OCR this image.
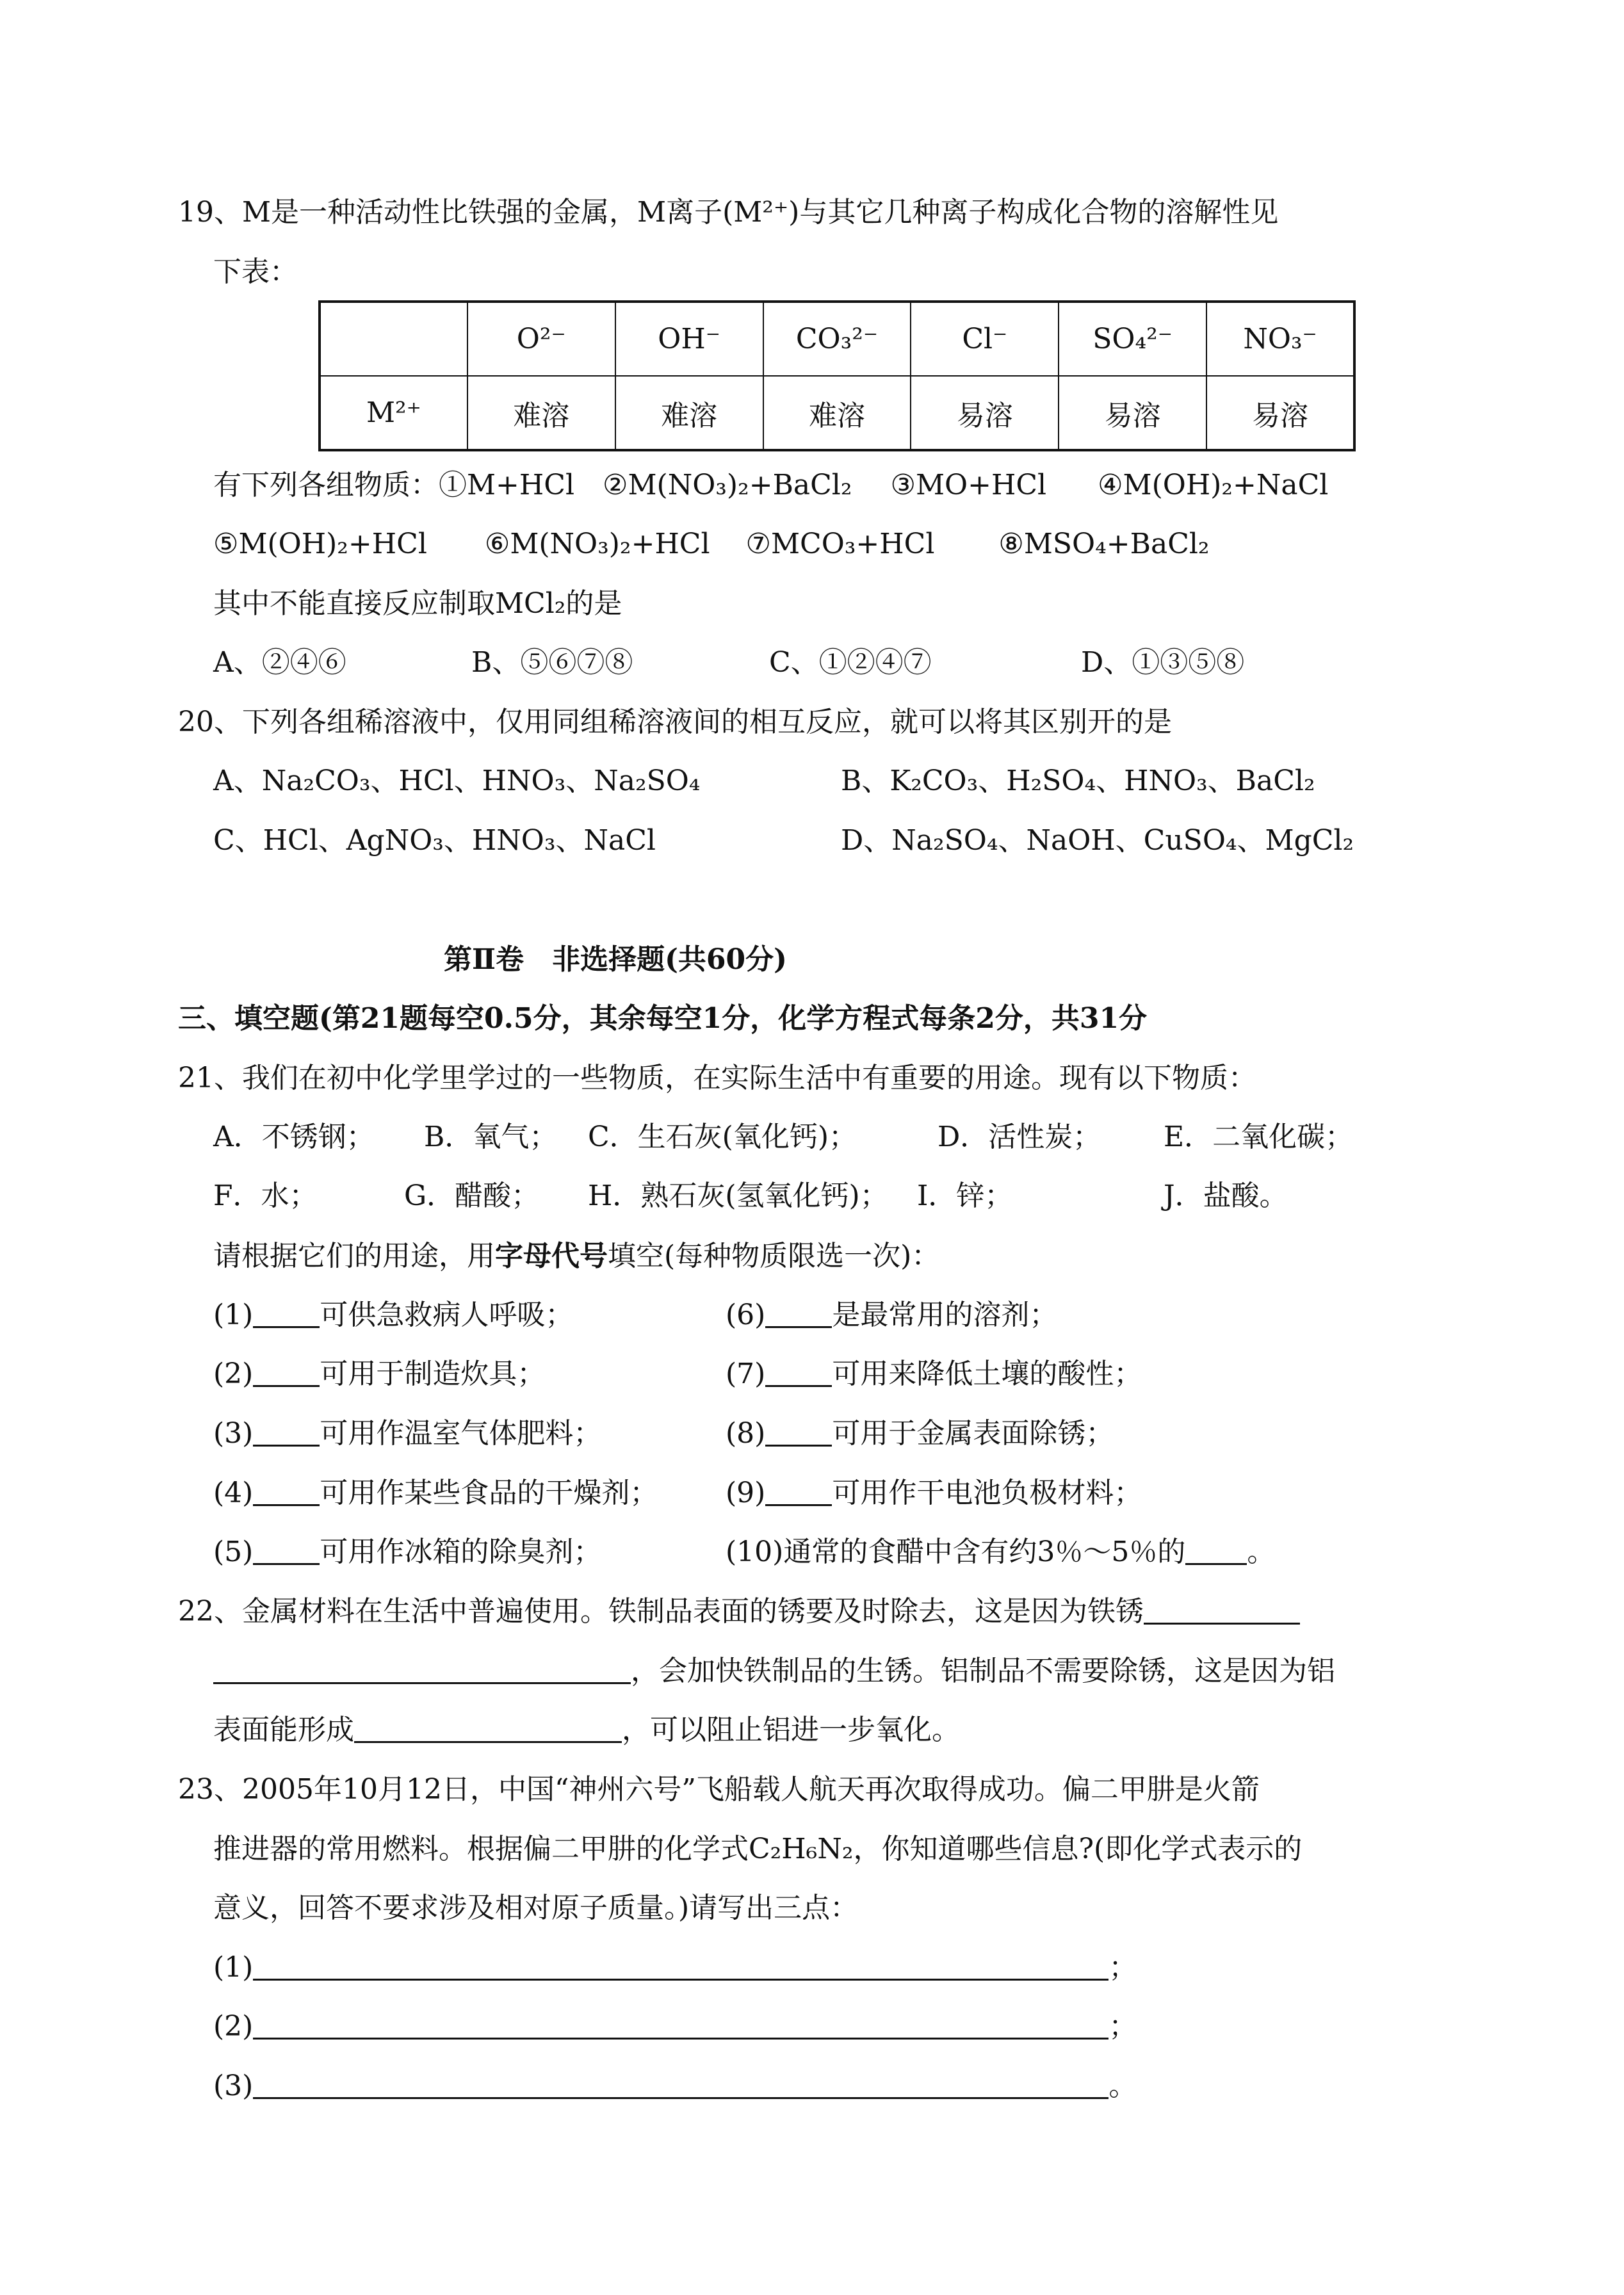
19、M是一种活动性比铁强的金属，M离子(M²⁺)与其它几种离子构成化合物的溶解性见
下表：
	O²⁻	OH⁻	CO₃²⁻	Cl⁻	SO₄²⁻	NO₃⁻
M²⁺	难溶	难溶	难溶	易溶	易溶	易溶
有下列各组物质：①M+HCl ②M(NO₃)₂+BaCl₂ ③MO+HCl ④M(OH)₂+NaCl
⑤M(OH)₂+HCl ⑥M(NO₃)₂+HCl ⑦MCO₃+HCl ⑧MSO₄+BaCl₂
其中不能直接反应制取MCl₂的是
A、②④⑥	B、⑤⑥⑦⑧	C、①②④⑦	D、①③⑤⑧
20、下列各组稀溶液中，仅用同组稀溶液间的相互反应，就可以将其区别开的是
A、Na₂CO₃、HCl、HNO₃、Na₂SO₄	B、K₂CO₃、H₂SO₄、HNO₃、BaCl₂
C、HCl、AgNO₃、HNO₃、NaCl	D、Na₂SO₄、NaOH、CuSO₄、MgCl₂
第Ⅱ卷　非选择题(共60分)
三、填空题(第21题每空0.5分，其余每空1分，化学方程式每条2分，共31分
21、我们在初中化学里学过的一些物质，在实际生活中有重要的用途。现有以下物质：
A．不锈钢； B．氧气； C．生石灰(氧化钙)；	D．活性炭； E．二氧化碳；
F．水；	G．醋酸； H．熟石灰(氢氧化钙)； I．锌；	J．盐酸。
请根据它们的用途，用字母代号填空(每种物质限选一次)：
(1) 可供急救病人呼吸；
(2) 可用于制造炊具；
(3) 可用作温室气体肥料；
(4) 可用作某些食品的干燥剂；
(5) 可用作冰箱的除臭剂；
(6) 是最常用的溶剂；
(7) 可用来降低土壤的酸性；
(8) 可用于金属表面除锈；
(9) 可用作干电池负极材料；
(10)通常的食醋中含有约3％～5％的 。
22、金属材料在生活中普遍使用。铁制品表面的锈要及时除去，这是因为铁锈
，会加快铁制品的生锈。铝制品不需要除锈，这是因为铝
表面能形成	，可以阻止铝进一步氧化。
23、2005年10月12日，中国“神州六号”飞船载人航天再次取得成功。偏二甲肼是火箭
推进器的常用燃料。根据偏二甲肼的化学式C₂H₆N₂，你知道哪些信息?(即化学式表示的
意义，回答不要求涉及相对原子质量。)请写出三点：
(1)	；
(2)	；
(3)	。
